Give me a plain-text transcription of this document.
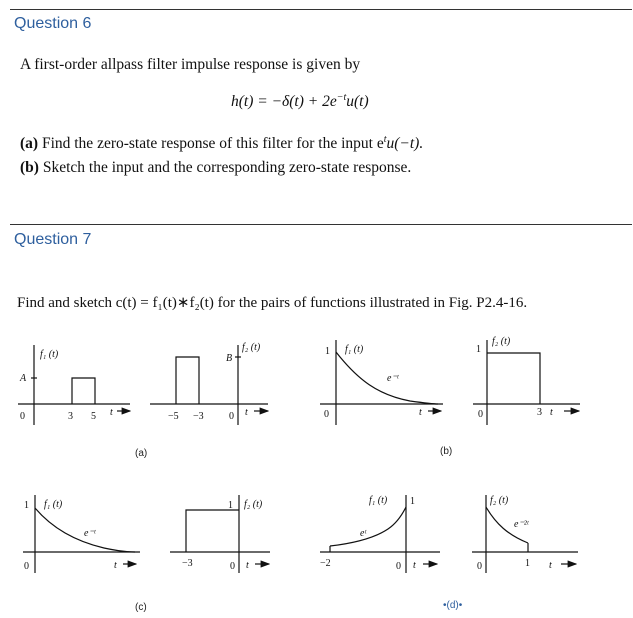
Question 6
A first-order allpass filter impulse response is given by
$h(t) = -\delta(t) + 2e^{-t}u(t)$
(a) Find the zero-state response of this filter for the input $e^tu(-t)$.
(b) Sketch the input and the corresponding zero-state response.
Question 7
Find and sketch c(t) = f₁(t)∗f₂(t) for the pairs of functions illustrated in Fig. P2.4-16.
f₁ (t)
A
0	3 5 t
f₂ (t)
B
−5 −3	0 t
1 f₁ (t)
e⁻ᵗ
0	t
1
f₂ (t)
0	3 t
1 f₁ (t)
e⁻ᵗ
0	t
1 f₂ (t)
−3	0 t
f₁ (t) 1
eᵗ
−2	0 t
f₂ (t)
e⁻²ᵗ
0	1 t
(a)	(b)
(c)	•(d)•
